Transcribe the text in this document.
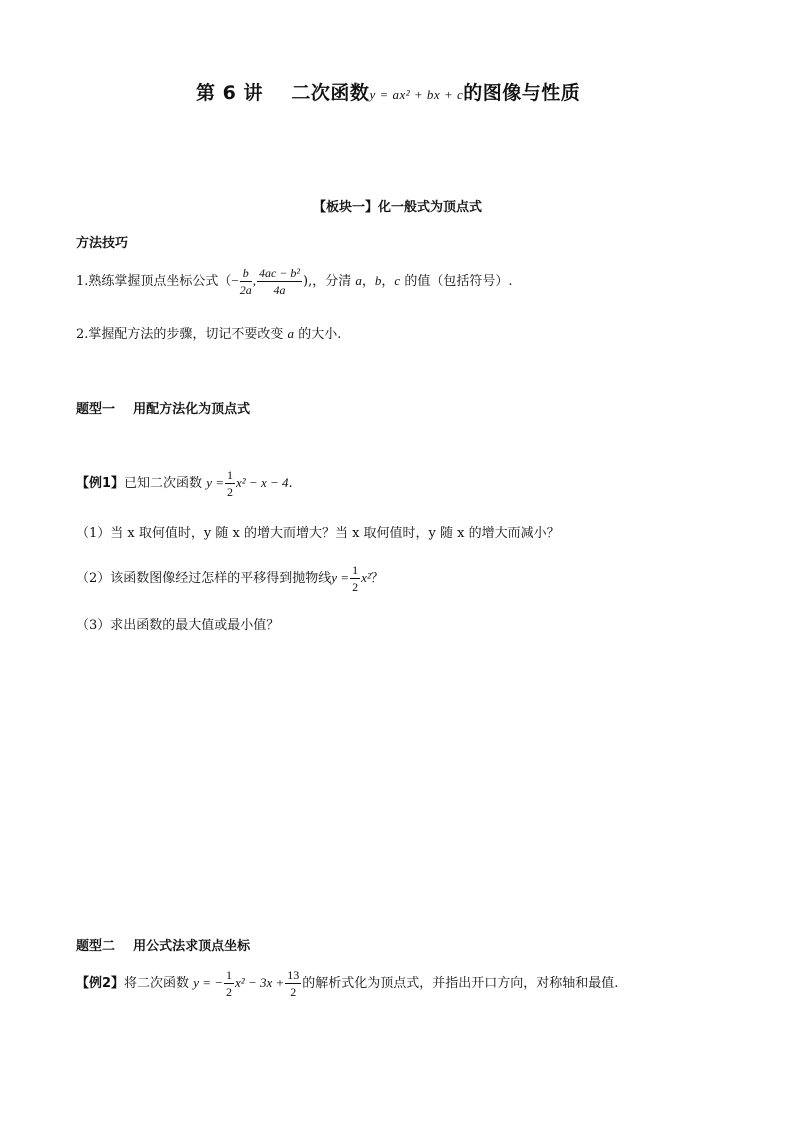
第 6 讲 二次函数y = ax² + bx + c的图像与性质
【板块一】化一般式为顶点式
方法技巧
1.熟练掌握顶点坐标公式（− $\frac{b}{2a}$ , $\frac{\text{4ac − b²}}{4a}$ ),，分清 a，b，c 的值（包括符号）.
2.掌握配方法的步骤，切记不要改变 a 的大小.
题型一    用配方法化为顶点式
【例1】已知二次函数 $y = \frac{1}{2} x^2 - x - 4$.
（1）当 x 取何值时，y 随 x 的增大而增大？当 x 取何值时，y 随 x 的增大而减小？
（2）该函数图像经过怎样的平移得到抛物线$y = \frac{1}{2} x^2$？
（3）求出函数的最大值或最小值？
题型二    用公式法求顶点坐标
【例2】将二次函数 y = − $\frac{1}{2} x^2 - 3x + \frac{13}{2}$ 的解析式化为顶点式，并指出开口方向，对称轴和最值.
